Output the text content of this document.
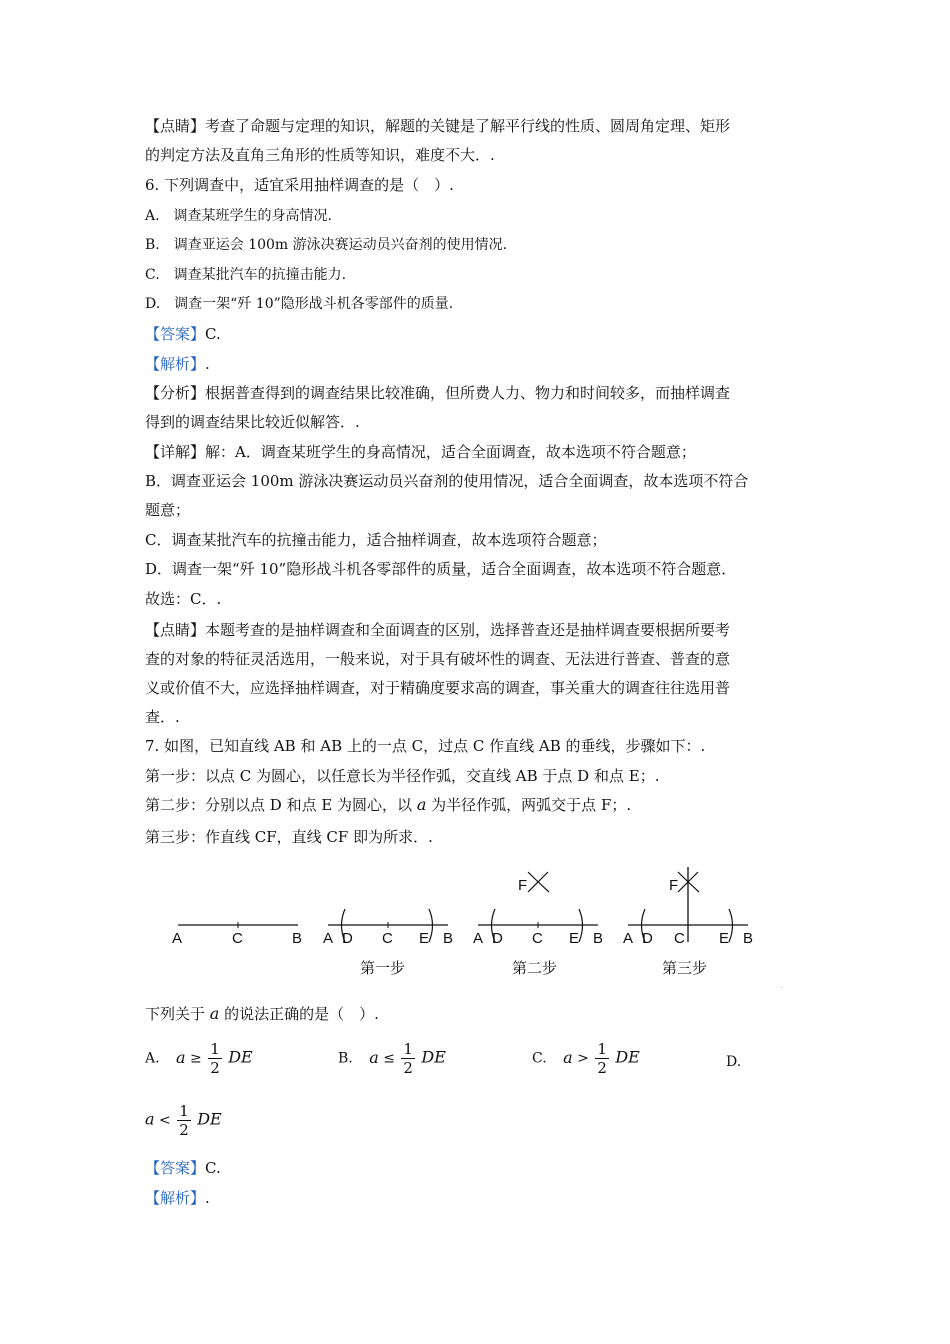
【点睛】考查了命题与定理的知识，解题的关键是了解平行线的性质、圆周角定理、矩形
的判定方法及直角三角形的性质等知识，难度不大．.
6. 下列调查中，适宜采用抽样调查的是（　）.
A.　调查某班学生的身高情况.
B.　调查亚运会 100m 游泳决赛运动员兴奋剂的使用情况.
C.　调查某批汽车的抗撞击能力.
D.　调查一架“歼 10”隐形战斗机各零部件的质量.
【答案】C.
【解析】.
【分析】根据普查得到的调查结果比较准确，但所费人力、物力和时间较多，而抽样调查
得到的调查结果比较近似解答．.
【详解】解：A．调查某班学生的身高情况，适合全面调查，故本选项不符合题意；
B．调查亚运会 100m 游泳决赛运动员兴奋剂的使用情况，适合全面调查，故本选项不符合
题意；
C．调查某批汽车的抗撞击能力，适合抽样调查，故本选项符合题意；
D．调查一架“歼 10”隐形战斗机各零部件的质量，适合全面调查，故本选项不符合题意．
故选：C．.
【点睛】本题考查的是抽样调查和全面调查的区别，选择普查还是抽样调查要根据所要考
查的对象的特征灵活选用，一般来说，对于具有破坏性的调查、无法进行普查、普查的意
义或价值不大，应选择抽样调查，对于精确度要求高的调查，事关重大的调查往往选用普
查．.
7. 如图，已知直线 AB 和 AB 上的一点 C，过点 C 作直线 AB 的垂线，步骤如下：.
第一步：以点 C 为圆心，以任意长为半径作弧，交直线 AB 于点 D 和点 E；.
第二步：分别以点 D 和点 E 为圆心，以 a 为半径作弧，两弧交于点 F；.
第三步：作直线 CF，直线 CF 即为所求．.
A	C	B
第一步
A D C E B
F
A D C E B
第二步
F
A D C E B
第三步
`
下列关于 a 的说法正确的是（　）.
A. $a \ge \frac{1}{2}$ DE	B. $a \le \frac{1}{2}$ DE	C. $a > \frac{1}{2}$ DE	D.
$a < \frac{1}{2}$ DE
【答案】C.
【解析】.
